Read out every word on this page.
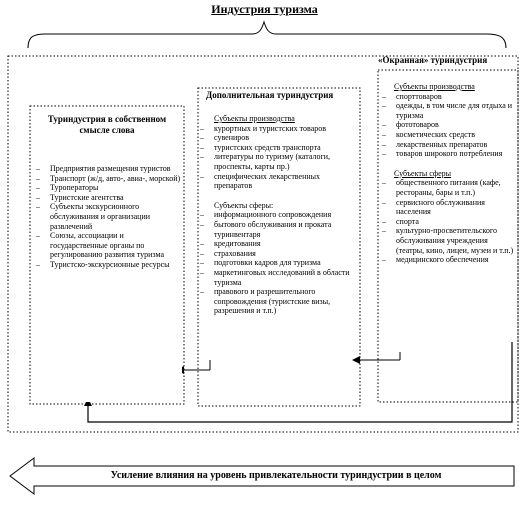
Индустрия туризма
«Окранная» туриндустрия
Туриндустрия в собственном смысле слова
– Предприятия размещения туристов
– Транспорт (ж/д, авто-, авиа-, морской)
– Туроператоры
– Туристские агентства
– Субъекты экскурсионного обслуживания и организации развлечений
– Союзы, ассоциации и государственные органы по регулированию развития туризма
– Туристско-экскурсионные ресурсы
Дополнительная туриндустрия
Субъекты производства
– курортных и туристских товаров
– сувениров
– туристских средств транспорта
– литературы по туризму (каталоги, проспекты, карты пр.)
– специфических лекарственных препаратов
Субъекты сферы:
– информационного сопровождения
– бытового обслуживания и проката туринвентаря
– кредитования
– страхования
– подготовки кадров для туризма
– маркетинговых исследований в области туризма
– правового и разрешительного сопровождения (туристские визы, разрешения и т.п.)
Субъекты производства
– спорттоваров
– одежды, в том числе для отдыха и туризма
– фототоваров
– косметических средств
– лекарственных препаратов
– товаров широкого потребления
Субъекты сферы
– общественного питания (кафе, рестораны, бары и т.п.)
– сервисного обслуживания населения
– спорта
– культурно-просветительского обслуживания учреждения (театры, кино, лицеи, музеи и т.п.)
– медицинского обеспечения
Усиление влияния на уровень привлекательности туриндустрии в целом
